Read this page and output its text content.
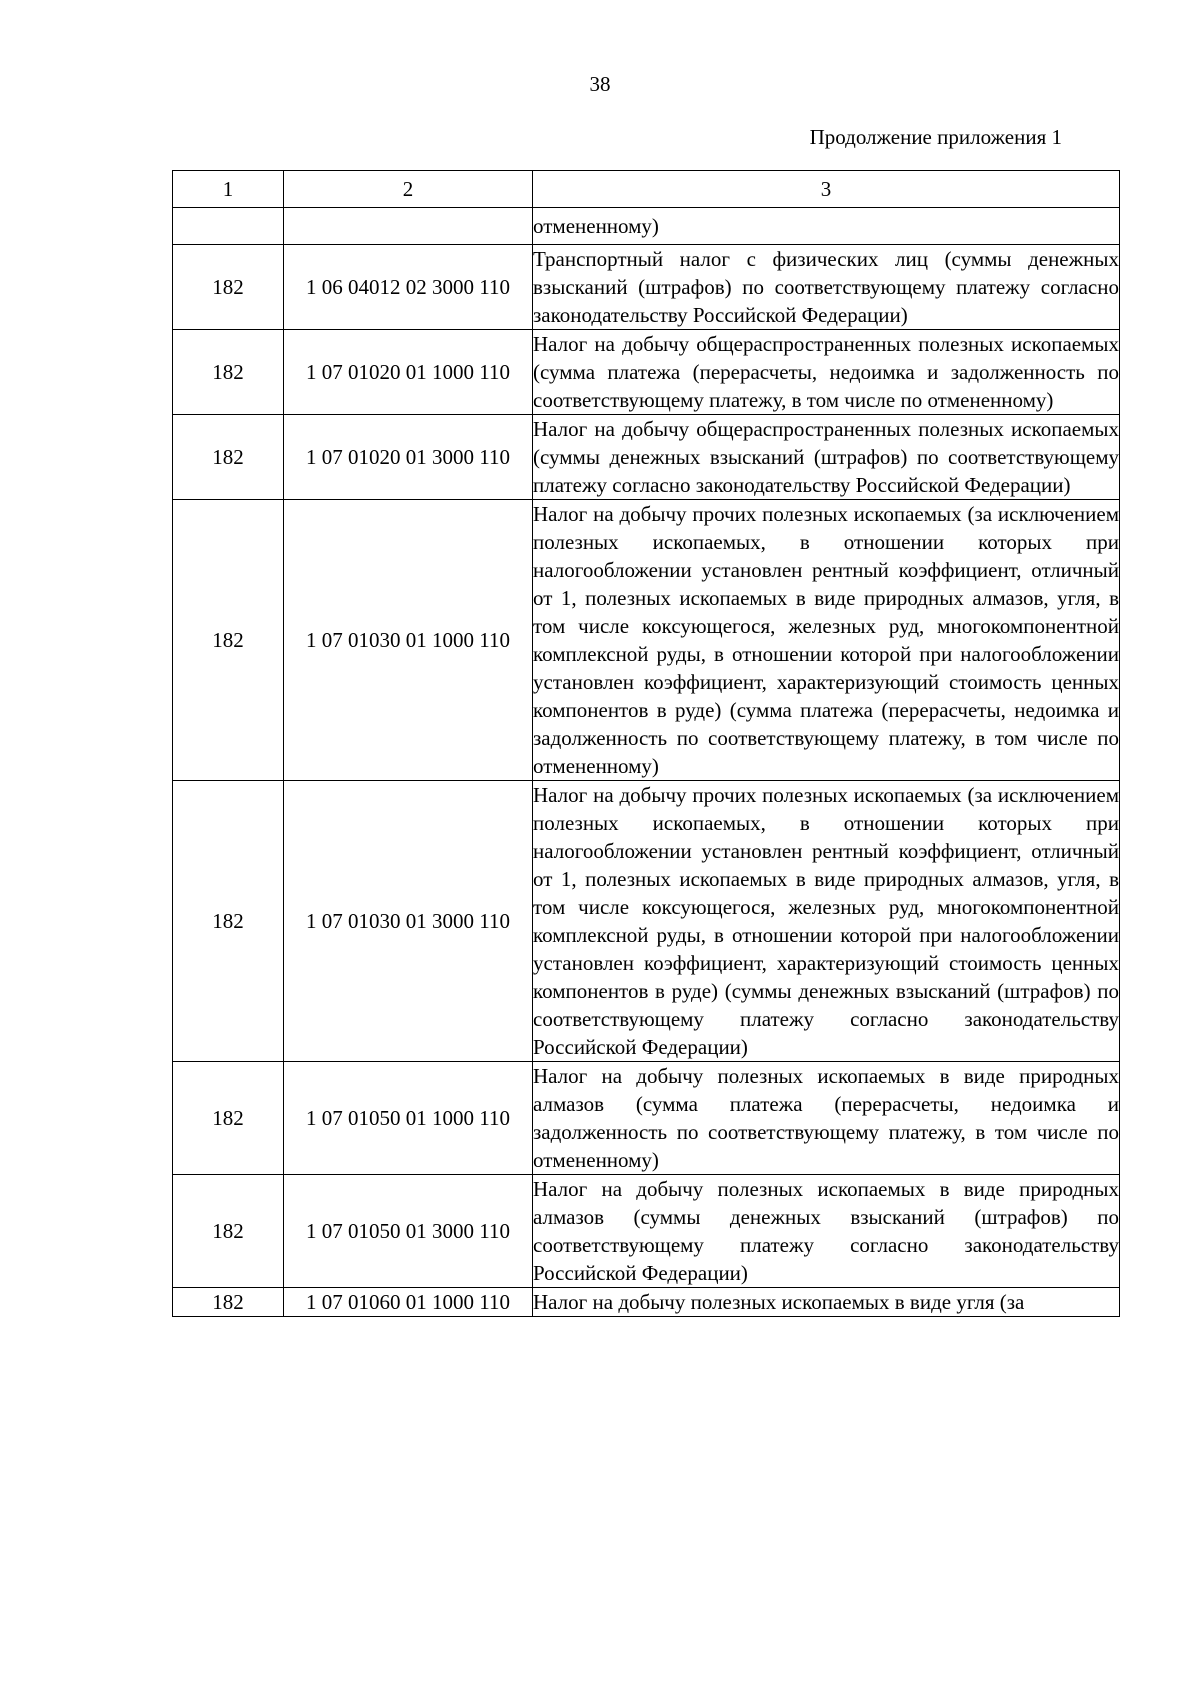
38
Продолжение приложения 1
1	2	3
		отмененному)
182	1 06 04012 02 3000 110	Транспортный налог с физических лиц (суммы денежных взысканий (штрафов) по соответствующему платежу согласно законодательству Российской Федерации)
182	1 07 01020 01 1000 110	Налог на добычу общераспространенных полезных ископаемых (сумма платежа (перерасчеты, недоимка и задолженность по соответствующему платежу, в том числе по отмененному)
182	1 07 01020 01 3000 110	Налог на добычу общераспространенных полезных ископаемых (суммы денежных взысканий (штрафов) по соответствующему платежу согласно законодательству Российской Федерации)
182	1 07 01030 01 1000 110	Налог на добычу прочих полезных ископаемых (за исключением полезных ископаемых, в отношении которых при налогообложении установлен рентный коэффициент, отличный от 1, полезных ископаемых в виде природных алмазов, угля, в том числе коксующегося, железных руд, многокомпонентной комплексной руды, в отношении которой при налогообложении установлен коэффициент, характеризующий стоимость ценных компонентов в руде) (сумма платежа (перерасчеты, недоимка и задолженность по соответствующему платежу, в том числе по отмененному)
182	1 07 01030 01 3000 110	Налог на добычу прочих полезных ископаемых (за исключением полезных ископаемых, в отношении которых при налогообложении установлен рентный коэффициент, отличный от 1, полезных ископаемых в виде природных алмазов, угля, в том числе коксующегося, железных руд, многокомпонентной комплексной руды, в отношении которой при налогообложении установлен коэффициент, характеризующий стоимость ценных компонентов в руде) (суммы денежных взысканий (штрафов) по соответствующему платежу согласно законодательству Российской Федерации)
182	1 07 01050 01 1000 110	Налог на добычу полезных ископаемых в виде природных алмазов (сумма платежа (перерасчеты, недоимка и задолженность по соответствующему платежу, в том числе по отмененному)
182	1 07 01050 01 3000 110	Налог на добычу полезных ископаемых в виде природных алмазов (суммы денежных взысканий (штрафов) по соответствующему платежу согласно законодательству Российской Федерации)
182	1 07 01060 01 1000 110	Налог на добычу полезных ископаемых в виде угля (за
